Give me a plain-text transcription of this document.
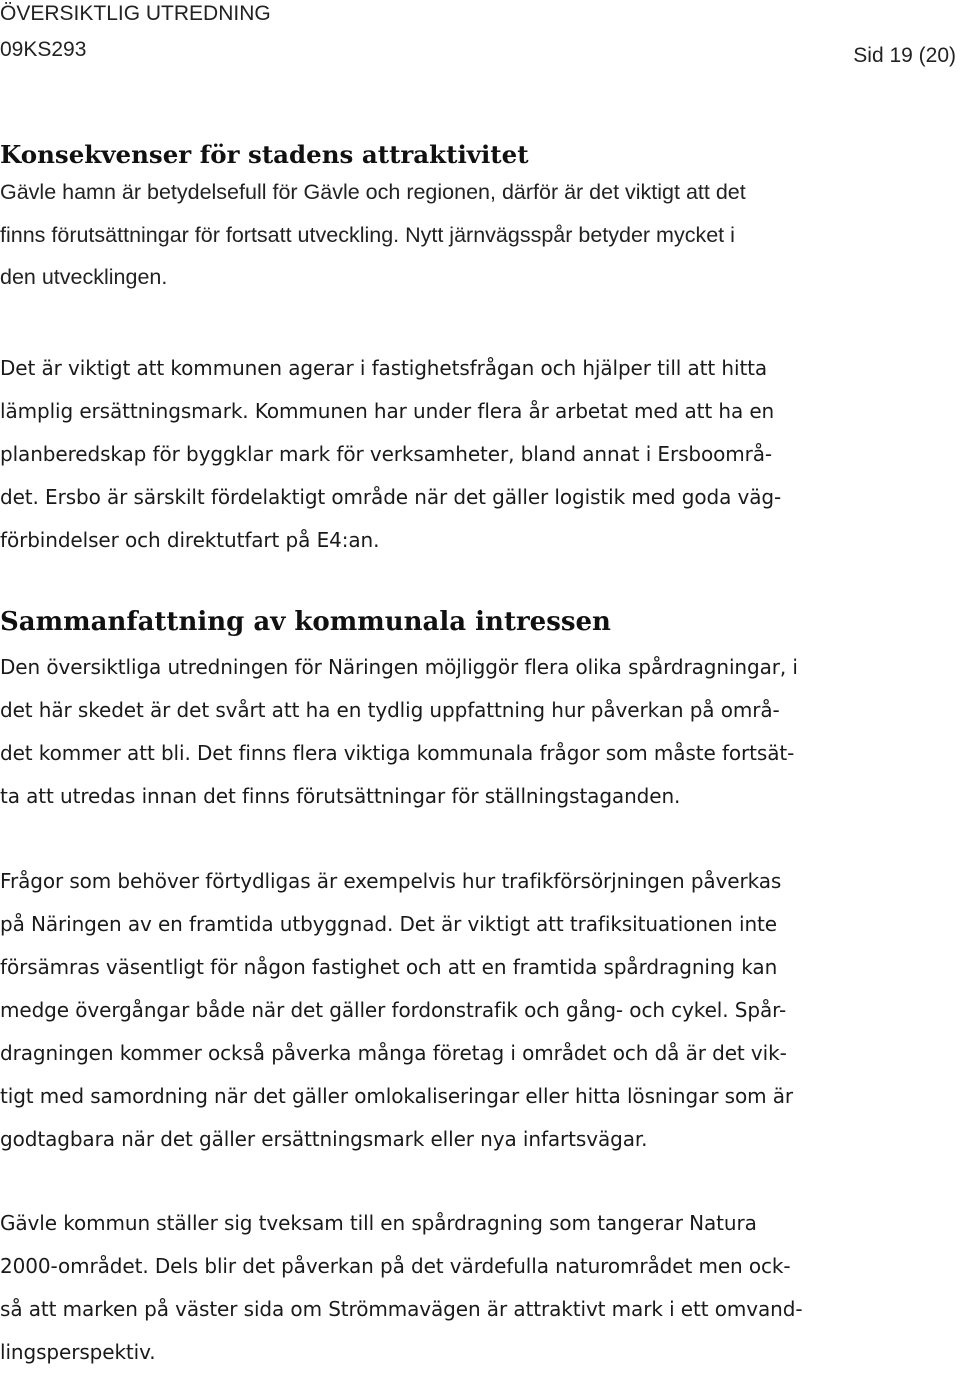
ÖVERSIKTLIG UTREDNING
09KS293	Sid 19 (20)
Konsekvenser för stadens attraktivitet
Gävle hamn är betydelsefull för Gävle och regionen, därför är det viktigt att det
finns förutsättningar för fortsatt utveckling. Nytt järnvägsspår betyder mycket i
den utvecklingen.
Det är viktigt att kommunen agerar i fastighetsfrågan och hjälper till att hitta
lämplig ersättningsmark. Kommunen har under flera år arbetat med att ha en
planberedskap för byggklar mark för verksamheter, bland annat i Ersboområ-
det. Ersbo är särskilt fördelaktigt område när det gäller logistik med goda väg-
förbindelser och direktutfart på E4:an.
Sammanfattning av kommunala intressen
Den översiktliga utredningen för Näringen möjliggör flera olika spårdragningar, i
det här skedet är det svårt att ha en tydlig uppfattning hur påverkan på områ-
det kommer att bli. Det finns flera viktiga kommunala frågor som måste fortsät-
ta att utredas innan det finns förutsättningar för ställningstaganden.
Frågor som behöver förtydligas är exempelvis hur trafikförsörjningen påverkas
på Näringen av en framtida utbyggnad. Det är viktigt att trafiksituationen inte
försämras väsentligt för någon fastighet och att en framtida spårdragning kan
medge övergångar både när det gäller fordonstrafik och gång- och cykel. Spår-
dragningen kommer också påverka många företag i området och då är det vik-
tigt med samordning när det gäller omlokaliseringar eller hitta lösningar som är
godtagbara när det gäller ersättningsmark eller nya infartsvägar.
Gävle kommun ställer sig tveksam till en spårdragning som tangerar Natura
2000-området. Dels blir det påverkan på det värdefulla naturområdet men ock-
så att marken på väster sida om Strömmavägen är attraktivt mark i ett omvand-
lingsperspektiv.
